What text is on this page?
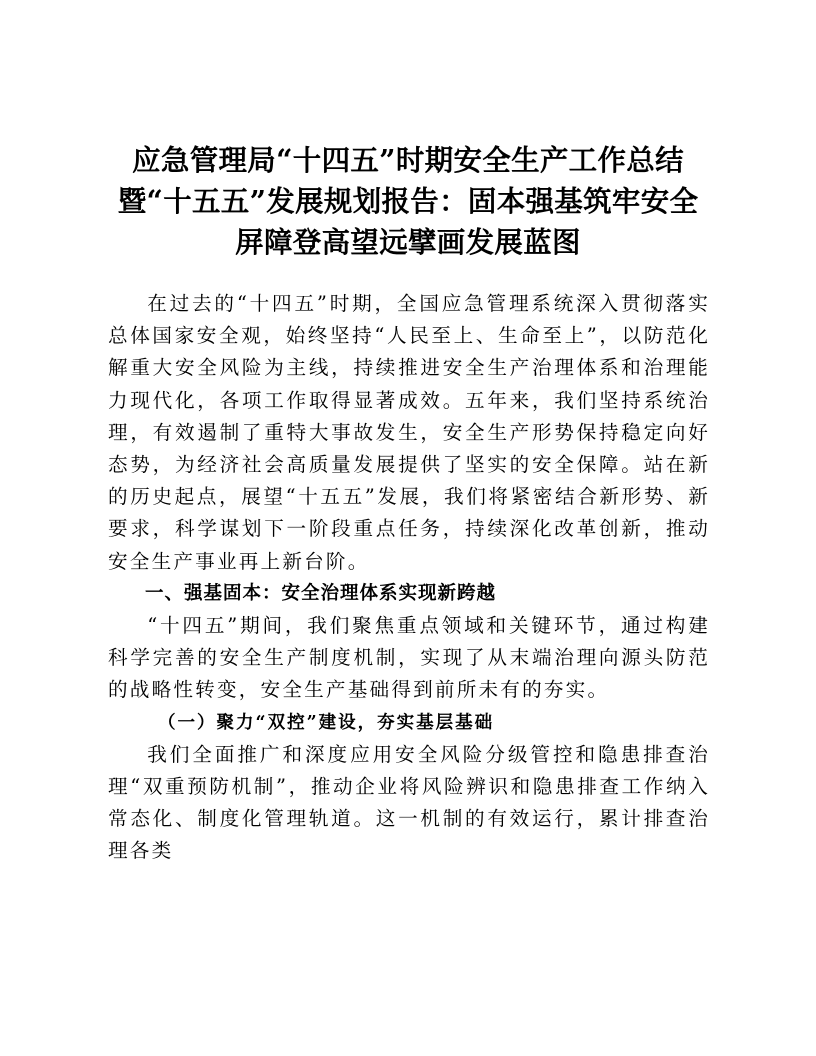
应急管理局“十四五”时期安全生产工作总结暨“十五五”发展规划报告：固本强基筑牢安全屏障登高望远擘画发展蓝图

在过去的“十四五”时期，全国应急管理系统深入贯彻落实总体国家安全观，始终坚持“人民至上、生命至上”，以防范化解重大安全风险为主线，持续推进安全生产治理体系和治理能力现代化，各项工作取得显著成效。五年来，我们坚持系统治理，有效遏制了重特大事故发生，安全生产形势保持稳定向好态势，为经济社会高质量发展提供了坚实的安全保障。站在新的历史起点，展望“十五五”发展，我们将紧密结合新形势、新要求，科学谋划下一阶段重点任务，持续深化改革创新，推动安全生产事业再上新台阶。

一、强基固本：安全治理体系实现新跨越

“十四五”期间，我们聚焦重点领域和关键环节，通过构建科学完善的安全生产制度机制，实现了从末端治理向源头防范的战略性转变，安全生产基础得到前所未有的夯实。

（一）聚力“双控”建设，夯实基层基础

我们全面推广和深度应用安全风险分级管控和隐患排查治理“双重预防机制”，推动企业将风险辨识和隐患排查工作纳入常态化、制度化管理轨道。这一机制的有效运行，累计排查治理各类
